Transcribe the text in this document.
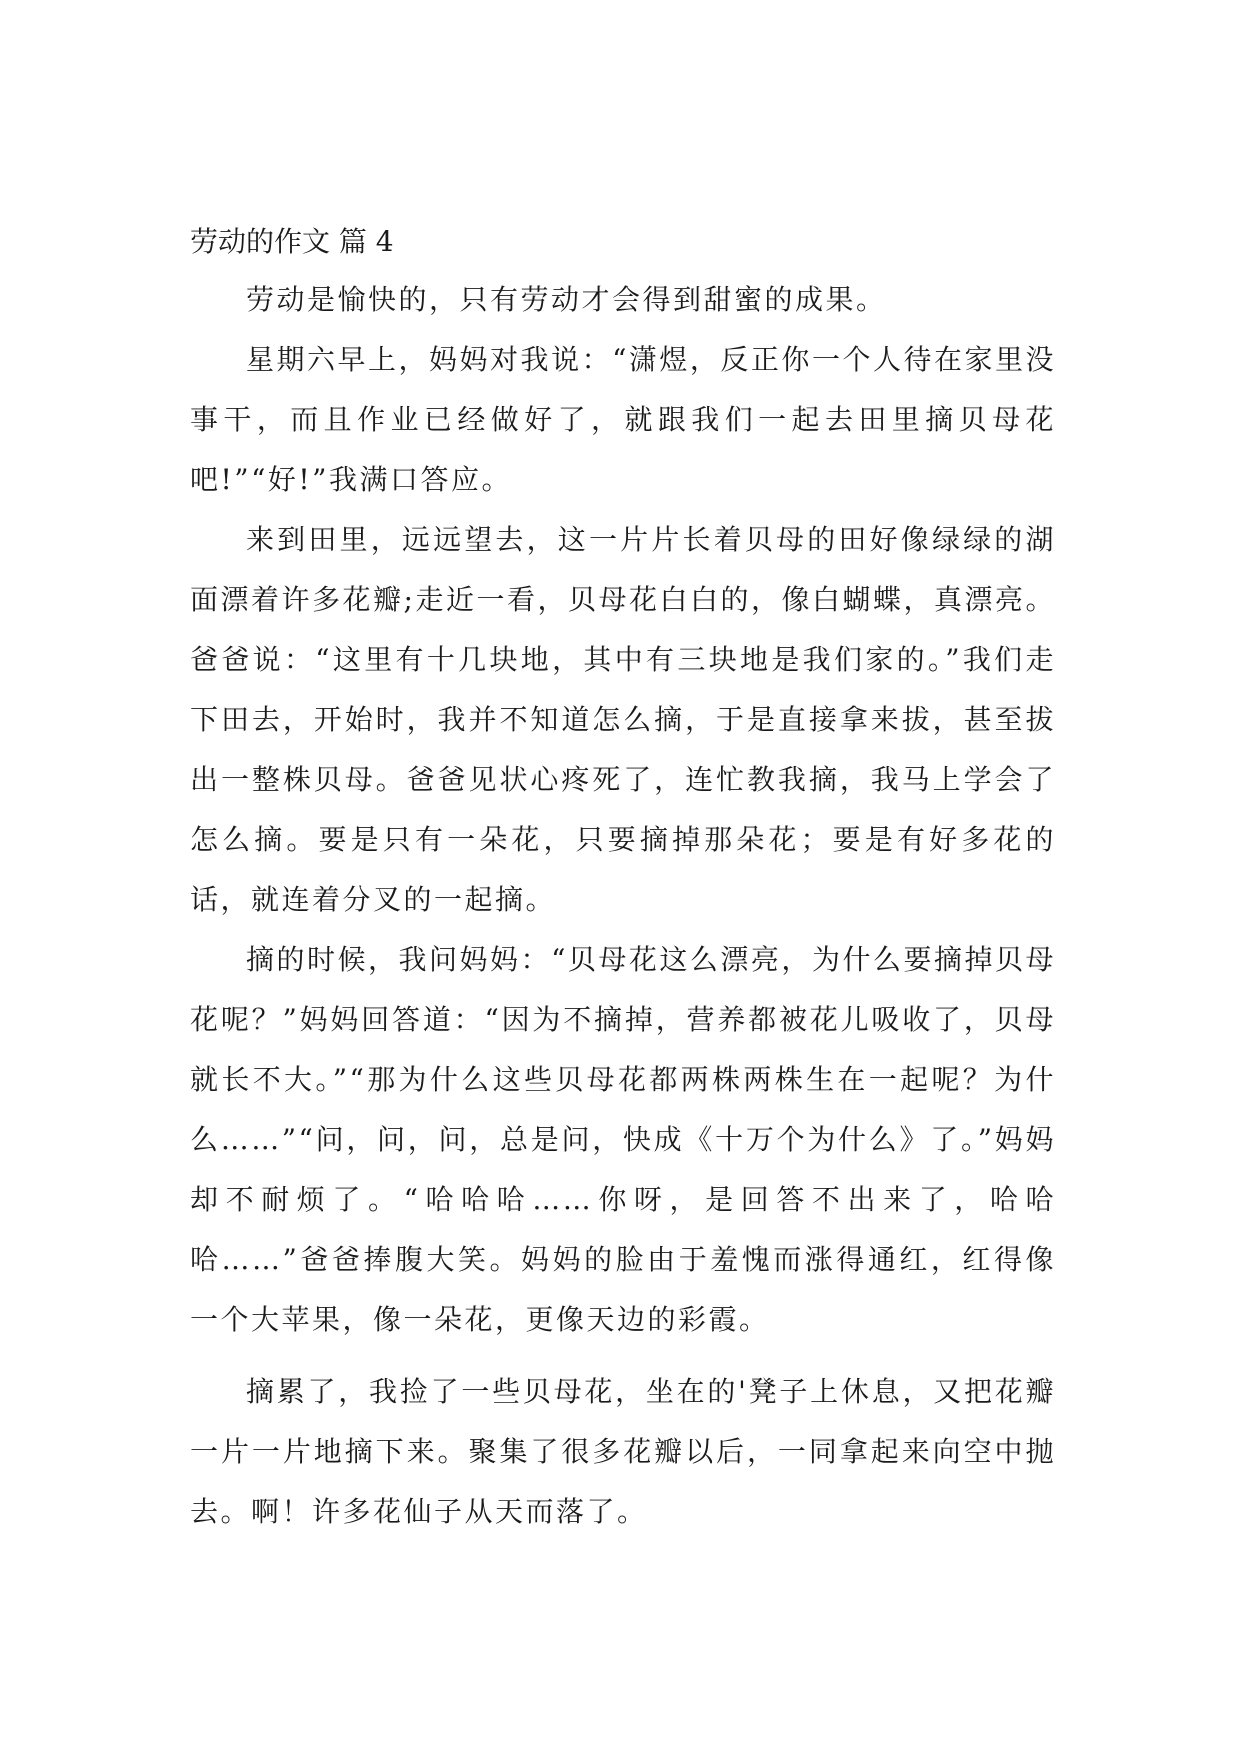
劳动的作文 篇 4

劳动是愉快的，只有劳动才会得到甜蜜的成果。

星期六早上，妈妈对我说：“潇煜，反正你一个人待在家里没事干，而且作业已经做好了，就跟我们一起去田里摘贝母花吧!”“好!”我满口答应。

来到田里，远远望去，这一片片长着贝母的田好像绿绿的湖面漂着许多花瓣;走近一看，贝母花白白的，像白蝴蝶，真漂亮。爸爸说：“这里有十几块地，其中有三块地是我们家的。”我们走下田去，开始时，我并不知道怎么摘，于是直接拿来拔，甚至拔出一整株贝母。爸爸见状心疼死了，连忙教我摘，我马上学会了怎么摘。要是只有一朵花，只要摘掉那朵花；要是有好多花的话，就连着分叉的一起摘。

摘的时候，我问妈妈：“贝母花这么漂亮，为什么要摘掉贝母花呢？”妈妈回答道：“因为不摘掉，营养都被花儿吸收了，贝母就长不大。”“那为什么这些贝母花都两株两株生在一起呢？为什么……”“问，问，问，总是问，快成《十万个为什么》了。”妈妈却不耐烦了。“哈哈哈……你呀，是回答不出来了，哈哈哈……”爸爸捧腹大笑。妈妈的脸由于羞愧而涨得通红，红得像一个大苹果，像一朵花，更像天边的彩霞。

摘累了，我捡了一些贝母花，坐在的'凳子上休息，又把花瓣一片一片地摘下来。聚集了很多花瓣以后，一同拿起来向空中抛去。啊！许多花仙子从天而落了。
